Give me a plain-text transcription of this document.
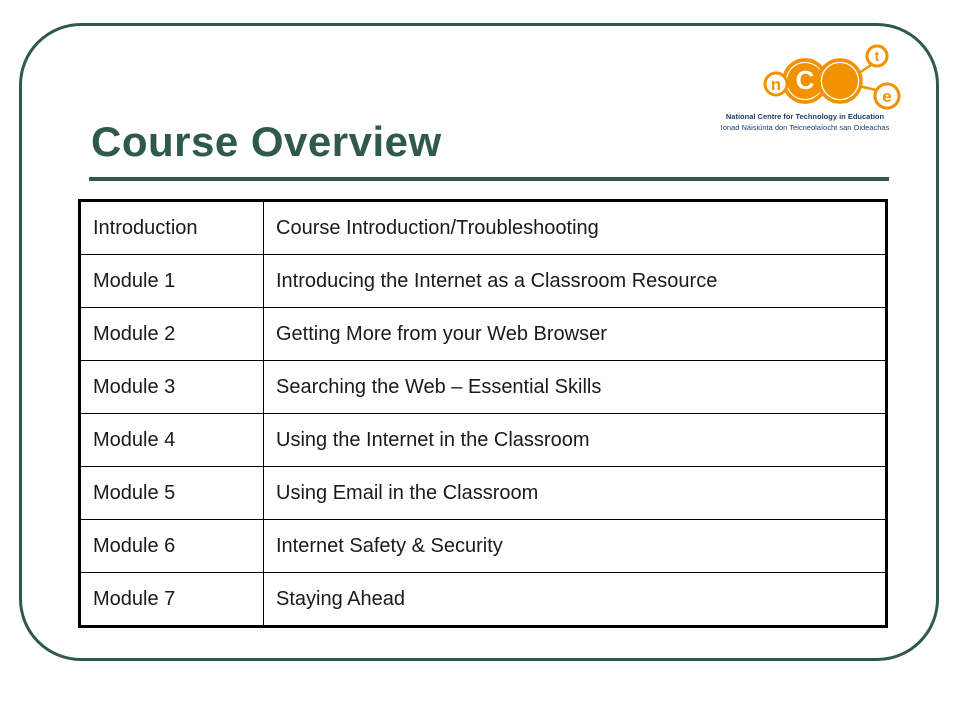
C
n
t
e
National Centre for Technology in Education
Ionad Náisiúnta don Teicneolaíocht san Oideachas
Course Overview
Introduction	Course Introduction/Troubleshooting
Module 1	Introducing the Internet as a Classroom Resource
Module 2	Getting More from your Web Browser
Module 3	Searching the Web – Essential Skills
Module 4	Using the Internet in the Classroom
Module 5	Using Email in the Classroom
Module 6	Internet Safety & Security
Module 7	Staying Ahead
